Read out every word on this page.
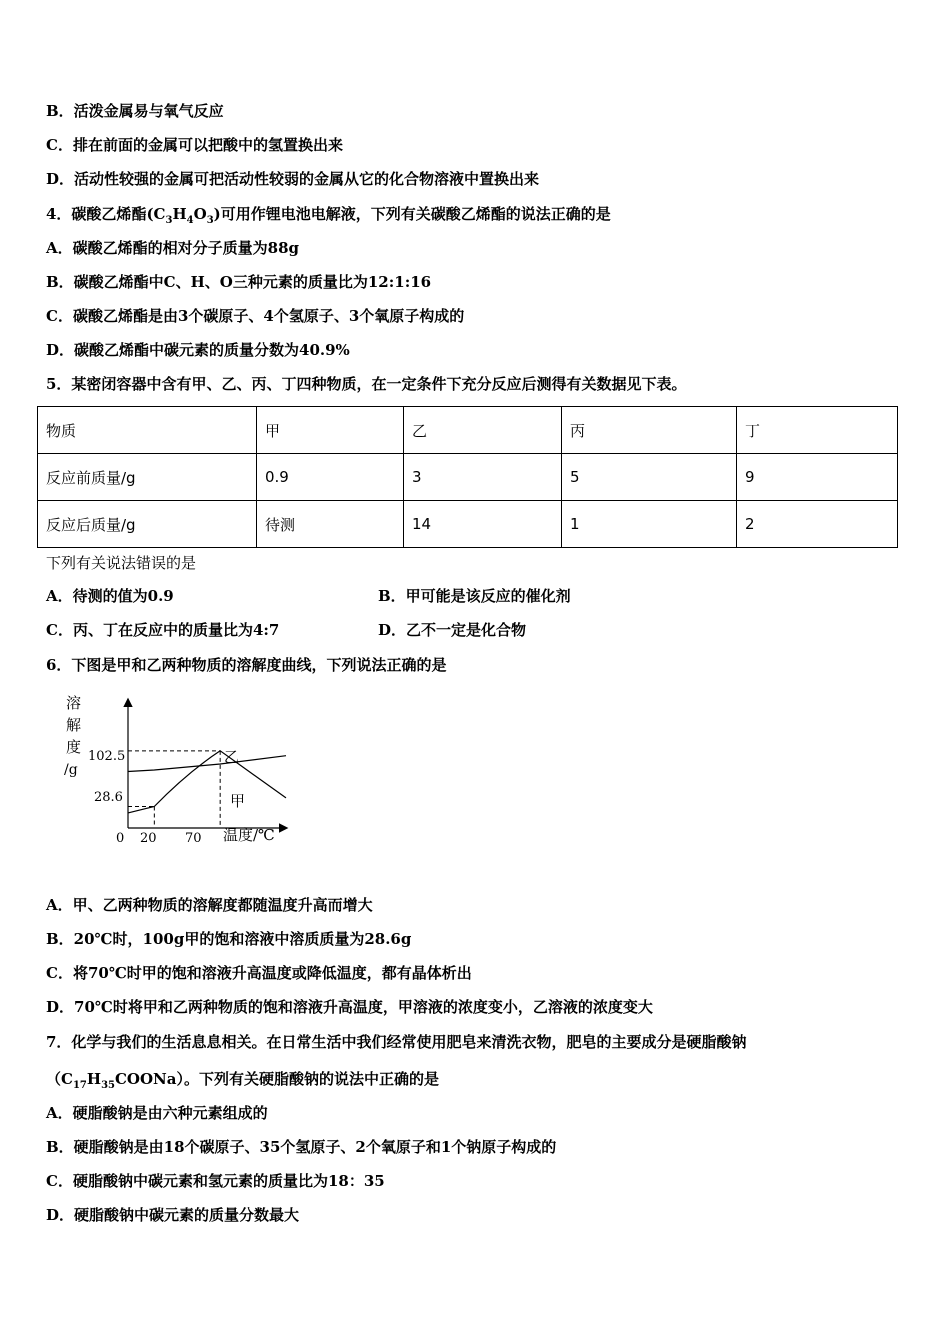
B．活泼金属易与氧气反应
C．排在前面的金属可以把酸中的氢置换出来
D．活动性较强的金属可把活动性较弱的金属从它的化合物溶液中置换出来
4．碳酸乙烯酯$(C_3H_4O_3)$可用作锂电池电解液，下列有关碳酸乙烯酯的说法正确的是
A．碳酸乙烯酯的相对分子质量为88g
B．碳酸乙烯酯中C、H、O三种元素的质量比为12:1:16
C．碳酸乙烯酯是由3个碳原子、4个氢原子、3个氧原子构成的
D．碳酸乙烯酯中碳元素的质量分数为40.9%
5．某密闭容器中含有甲、乙、丙、丁四种物质，在一定条件下充分反应后测得有关数据见下表。
物质	甲	乙	丙	丁
反应前质量/g	0.9	3	5	9
反应后质量/g	待测	14	1	2
下列有关说法错误的是
A．待测的值为0.9	B．甲可能是该反应的催化剂
C．丙、丁在反应中的质量比为4:7	D．乙不一定是化合物
6．下图是甲和乙两种物质的溶解度曲线，下列说法正确的是
溶
解
度
/g
102.5
28.6
0 20 70 温度/℃
乙
甲
A．甲、乙两种物质的溶解度都随温度升高而增大
B．20℃时，100g甲的饱和溶液中溶质质量为28.6g
C．将70℃时甲的饱和溶液升高温度或降低温度，都有晶体析出
D．70℃时将甲和乙两种物质的饱和溶液升高温度，甲溶液的浓度变小，乙溶液的浓度变大
7．化学与我们的生活息息相关。在日常生活中我们经常使用肥皂来清洗衣物，肥皂的主要成分是硬脂酸钠
$(C_{17}H_{35}COONa)$。下列有关硬脂酸钠的说法中正确的是
A．硬脂酸钠是由六种元素组成的
B．硬脂酸钠是由18个碳原子、35个氢原子、2个氧原子和1个钠原子构成的
C．硬脂酸钠中碳元素和氢元素的质量比为18：35
D．硬脂酸钠中碳元素的质量分数最大
